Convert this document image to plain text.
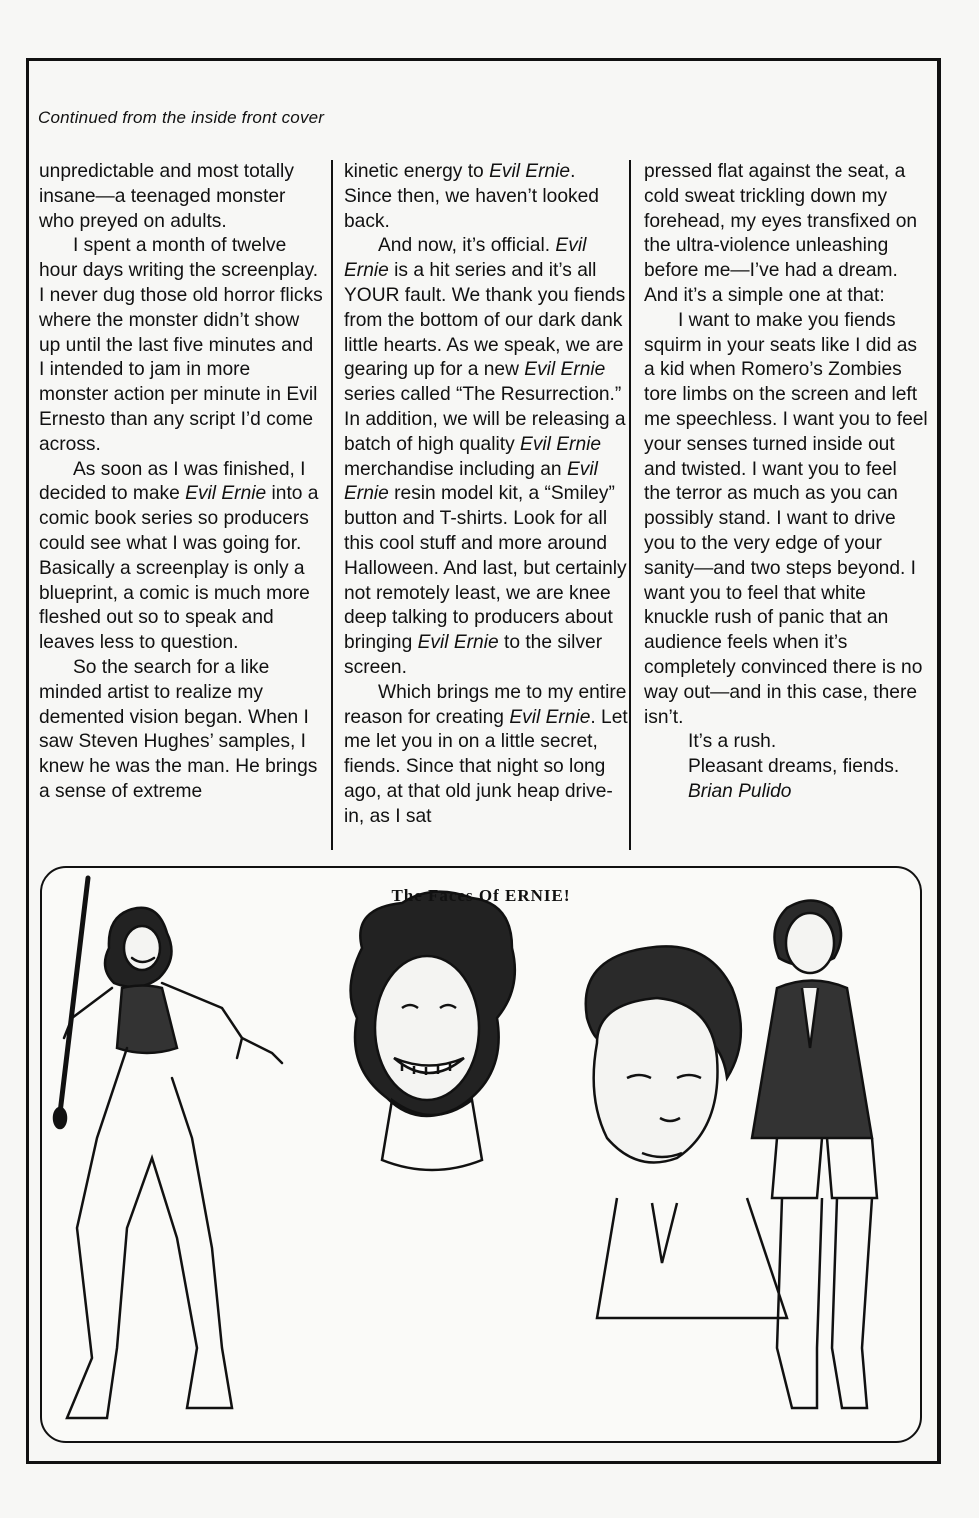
Continued from the inside front cover

unpredictable and most totally insane—a teenaged monster who preyed on adults.

I spent a month of twelve hour days writing the screenplay. I never dug those old horror flicks where the monster didn’t show up until the last five minutes and I intended to jam in more monster action per minute in Evil Ernesto than any script I’d come across.

As soon as I was finished, I decided to make Evil Ernie into a comic book series so producers could see what I was going for. Basically a screenplay is only a blueprint, a comic is much more fleshed out so to speak and leaves less to question.

So the search for a like minded artist to realize my demented vision began. When I saw Steven Hughes’ samples, I knew he was the man. He brings a sense of extreme

kinetic energy to Evil Ernie. Since then, we haven’t looked back.

And now, it’s official. Evil Ernie is a hit series and it’s all YOUR fault. We thank you fiends from the bottom of our dark dank little hearts. As we speak, we are gearing up for a new Evil Ernie series called “The Resurrection.” In addition, we will be releasing a batch of high quality Evil Ernie merchandise including an Evil Ernie resin model kit, a “Smiley” button and T-shirts. Look for all this cool stuff and more around Halloween. And last, but certainly not remotely least, we are knee deep talking to producers about bringing Evil Ernie to the silver screen.

Which brings me to my entire reason for creating Evil Ernie. Let me let you in on a little secret, fiends. Since that night so long ago, at that old junk heap drive-in, as I sat

pressed flat against the seat, a cold sweat trickling down my forehead, my eyes transfixed on the ultra-violence unleashing before me—I’ve had a dream. And it’s a simple one at that:

I want to make you fiends squirm in your seats like I did as a kid when Romero’s Zombies tore limbs on the screen and left me speechless. I want you to feel your senses turned inside out and twisted. I want you to feel the terror as much as you can possibly stand. I want to drive you to the very edge of your sanity—and two steps beyond. I want you to feel that white knuckle rush of panic that an audience feels when it’s completely convinced there is no way out—and in this case, there isn’t.

It’s a rush.
Pleasant dreams, fiends.
Brian Pulido
The Faces Of ERNIE!
